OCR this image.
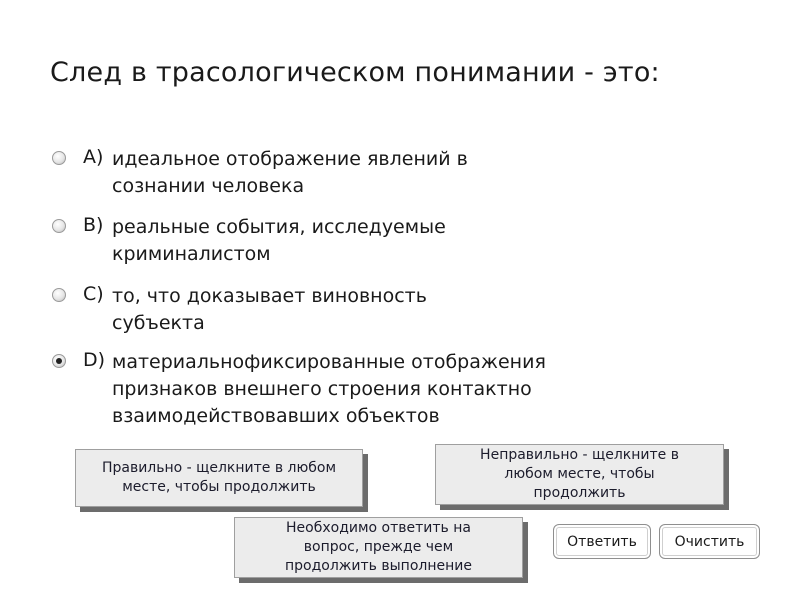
След в трасологическом понимании - это:
A) идеальное отображение явлений в
сознании человека
B) реальные события, исследуемые
криминалистом
C) то, что доказывает виновность
субъекта
D) материальнофиксированные отображения
признаков внешнего строения контактно
взаимодействовавших объектов
Правильно - щелкните в любом
месте, чтобы продолжить
Неправильно - щелкните в
любом месте, чтобы
продолжить
Необходимо ответить на
вопрос, прежде чем
продолжить выполнение
Ответить	Очистить
